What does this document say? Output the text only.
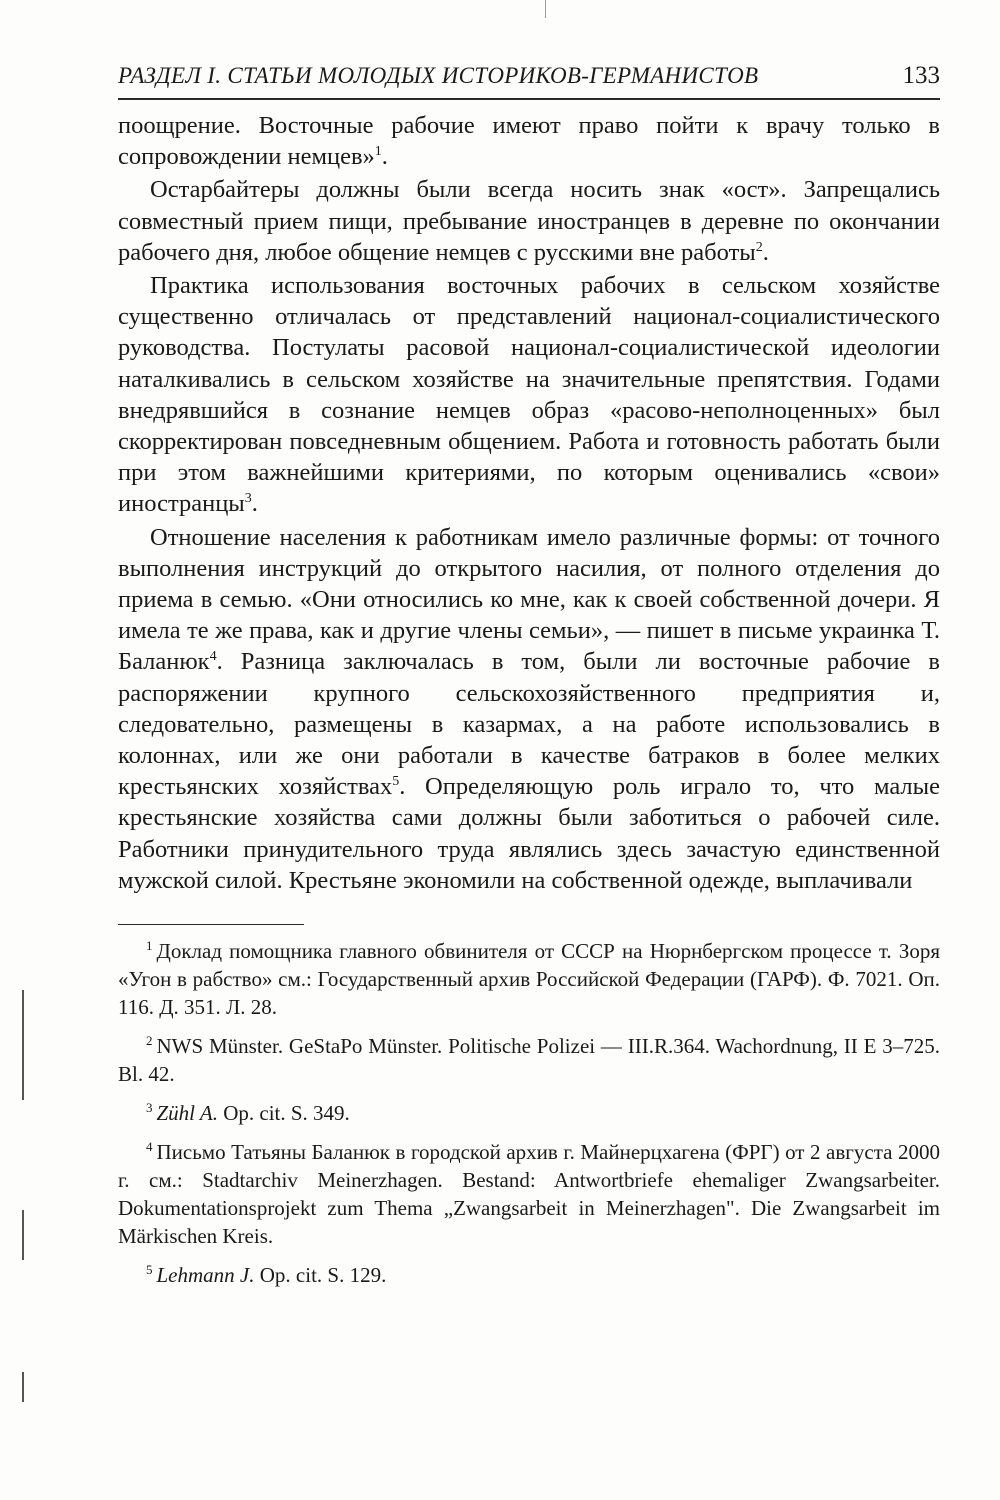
РАЗДЕЛ I. СТАТЬИ МОЛОДЫХ ИСТОРИКОВ-ГЕРМАНИСТОВ	133

поощрение. Восточные рабочие имеют право пойти к врачу только в сопровождении немцев»$^1$.

Остарбайтеры должны были всегда носить знак «ост». Запрещались совместный прием пищи, пребывание иностранцев в деревне по окончании рабочего дня, любое общение немцев с русскими вне работы$^2$.

Практика использования восточных рабочих в сельском хозяйстве существенно отличалась от представлений национал-социалистического руководства. Постулаты расовой национал-социалистической идеологии наталкивались в сельском хозяйстве на значительные препятствия. Годами внедрявшийся в сознание немцев образ «расово-неполноценных» был скорректирован повседневным общением. Работа и готовность работать были при этом важнейшими критериями, по которым оценивались «свои» иностранцы$^3$.

Отношение населения к работникам имело различные формы: от точного выполнения инструкций до открытого насилия, от полного отделения до приема в семью. «Они относились ко мне, как к своей собственной дочери. Я имела те же права, как и другие члены семьи», — пишет в письме украинка Т. Баланюк$^4$. Разница заключалась в том, были ли восточные рабочие в распоряжении крупного сельскохозяйственного предприятия и, следовательно, размещены в казармах, а на работе использовались в колоннах, или же они работали в качестве батраков в более мелких крестьянских хозяйствах$^5$. Определяющую роль играло то, что малые крестьянские хозяйства сами должны были заботиться о рабочей силе. Работники принудительного труда являлись здесь зачастую единственной мужской силой. Крестьяне экономили на собственной одежде, выплачивали

$^1$ Доклад помощника главного обвинителя от СССР на Нюрнбергском процессе т. Зоря «Угон в рабство» см.: Государственный архив Российской Федерации (ГАРФ). Ф. 7021. Оп. 116. Д. 351. Л. 28.

$^2$ NWS Münster. GeStaPo Münster. Politische Polizei — III.R.364. Wachordnung, II E 3–725. Bl. 42.

$^3$ Zühl A. Op. cit. S. 349.

$^4$ Письмо Татьяны Баланюк в городской архив г. Майнерцхагена (ФРГ) от 2 августа 2000 г. см.: Stadtarchiv Meinerzhagen. Bestand: Antwortbriefe ehemaliger Zwangsarbeiter. Dokumentationsprojekt zum Thema „Zwangsarbeit in Meinerzhagen". Die Zwangsarbeit im Märkischen Kreis.

$^5$ Lehmann J. Op. cit. S. 129.
